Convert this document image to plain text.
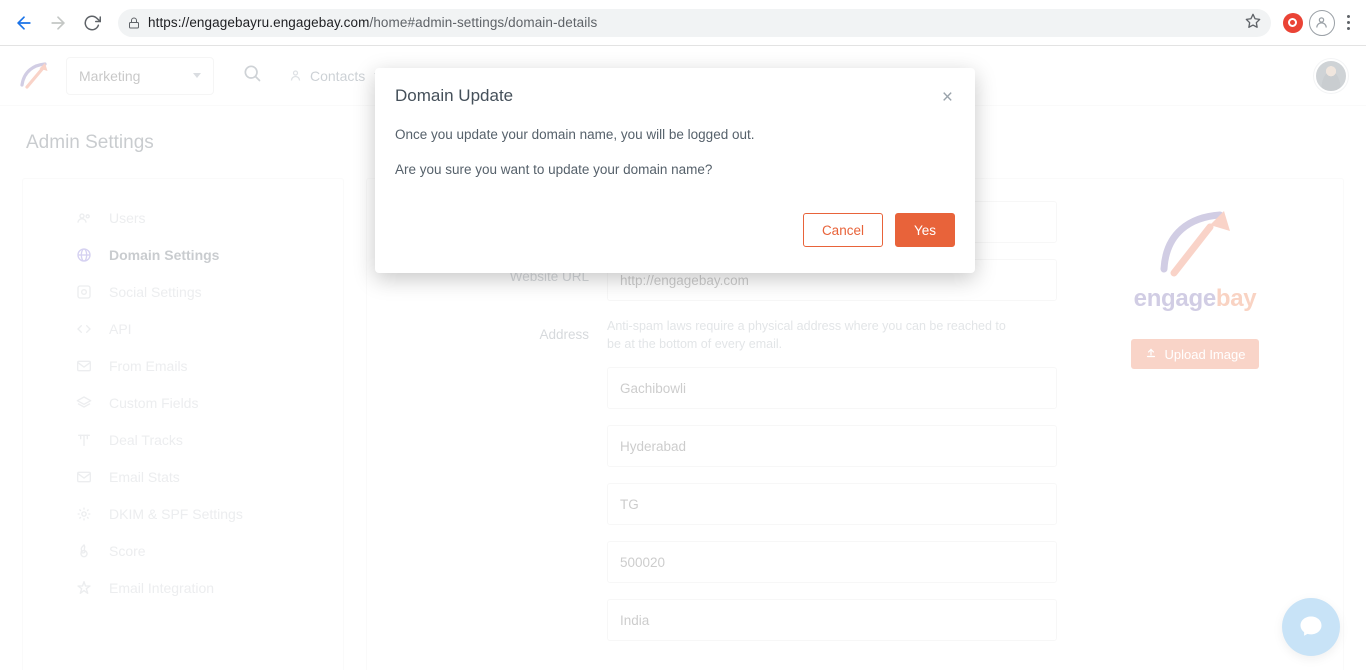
https://engagebayru.engagebay.com/home#admin-settings/domain-details
Domain Update	×
Once you update your domain name, you will be logged out.
Are you sure you want to update your domain name?
Cancel	Yes
